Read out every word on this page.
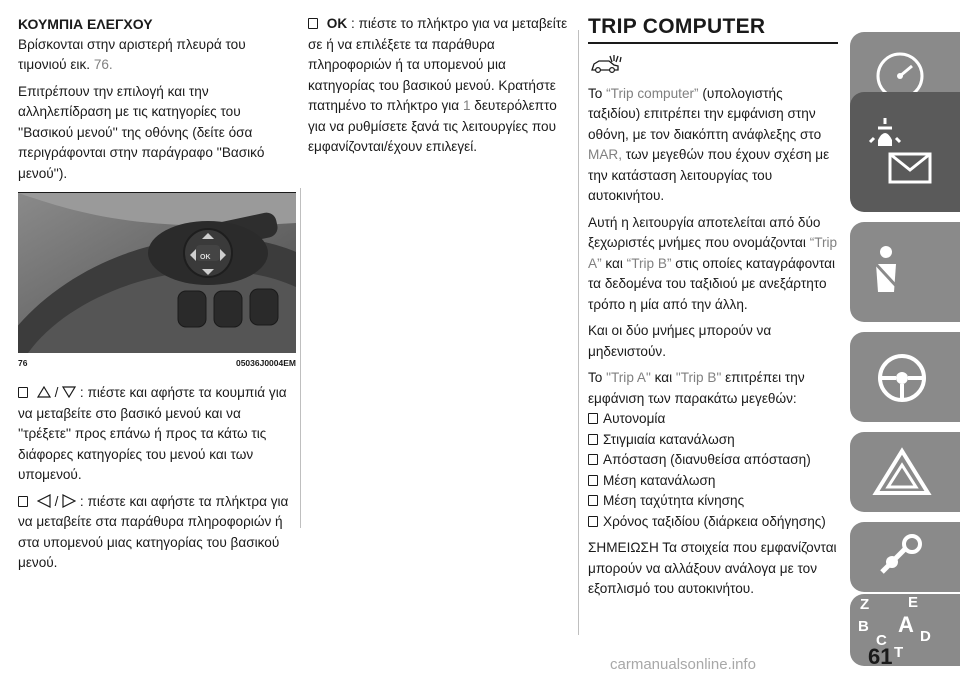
ΚΟΥΜΠΙΑ ΕΛΕΓΧΟΥ

Βρίσκονται στην αριστερή πλευρά του τιμονιού εικ. 76.

Επιτρέπουν την επιλογή και την αλληλεπίδραση με τις κατηγορίες του ''Βασικού μενού'' της οθόνης (δείτε όσα περιγράφονται στην παράγραφο ''Βασικό μενού'').

OK
76	05036J0004EM

/ : πιέστε και αφήστε τα κουμπιά για να μεταβείτε στο βασικό μενού και να ''τρέξετε'' προς επάνω ή προς τα κάτω τις διάφορες κατηγορίες του μενού και των υπομενού.

/ : πιέστε και αφήστε τα πλήκτρα για να μεταβείτε στα παράθυρα πληροφοριών ή στα υπομενού μιας κατηγορίας του βασικού μενού.

OK : πιέστε το πλήκτρο για να μεταβείτε σε ή να επιλέξετε τα παράθυρα πληροφοριών ή τα υπομενού μια κατηγορίας του βασικού μενού. Κρατήστε πατημένο το πλήκτρο για 1 δευτερόλεπτο για να ρυθμίσετε ξανά τις λειτουργίες που εμφανίζονται/έχουν επιλεγεί.

TRIP COMPUTER

Το “Trip computer” (υπολογιστής ταξιδίου) επιτρέπει την εμφάνιση στην οθόνη, με τον διακόπτη ανάφλεξης στο MAR, των μεγεθών που έχουν σχέση με την κατάσταση λειτουργίας του αυτοκινήτου.

Αυτή η λειτουργία αποτελείται από δύο ξεχωριστές μνήμες που ονομάζονται “Trip A” και “Trip B” στις οποίες καταγράφονται τα δεδομένα του ταξιδιού με ανεξάρτητο τρόπο η μία από την άλλη.

Και οι δύο μνήμες μπορούν να μηδενιστούν.

Το "Trip A" και "Trip B" επιτρέπει την εμφάνιση των παρακάτω μεγεθών:

Αυτονομία
Στιγμιαία κατανάλωση
Απόσταση (διανυθείσα απόσταση)
Μέση κατανάλωση
Μέση ταχύτητα κίνησης
Χρόνος ταξιδίου (διάρκεια οδήγησης)

ΣΗΜΕΙΩΣΗ Τα στοιχεία που εμφανίζονται μπορούν να αλλάξουν ανάλογα με τον εξοπλισμό του αυτοκινήτου.

Z	E
B A
C D
T
61
carmanualsonline.info
